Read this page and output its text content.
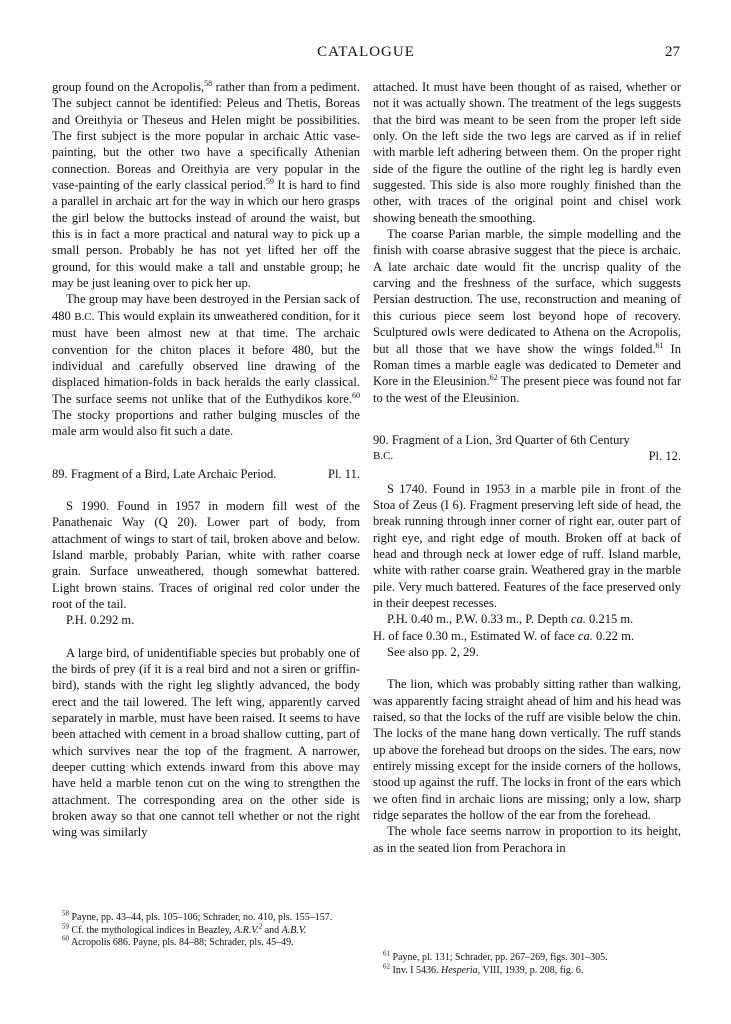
CATALOGUE	27

group found on the Acropolis,$^{58}$ rather than from a pediment. The subject cannot be identified: Peleus and Thetis, Boreas and Oreithyia or Theseus and Helen might be possibilities. The first subject is the more popular in archaic Attic vase-painting, but the other two have a specifically Athenian connection. Boreas and Oreithyia are very popular in the vase-painting of the early classical period.$^{59}$ It is hard to find a parallel in archaic art for the way in which our hero grasps the girl below the buttocks instead of around the waist, but this is in fact a more practical and natural way to pick up a small person. Probably he has not yet lifted her off the ground, for this would make a tall and unstable group; he may be just leaning over to pick her up.

The group may have been destroyed in the Persian sack of 480 B.C. This would explain its unweathered condition, for it must have been almost new at that time. The archaic convention for the chiton places it before 480, but the individual and carefully observed line drawing of the displaced himation-folds in back heralds the early classical. The surface seems not unlike that of the Euthydikos kore.$^{60}$ The stocky proportions and rather bulging muscles of the male arm would also fit such a date.

89. Fragment of a Bird, Late Archaic Period.	Pl. 11.

S 1990. Found in 1957 in modern fill west of the Panathenaic Way (Q 20). Lower part of body, from attachment of wings to start of tail, broken above and below. Island marble, probably Parian, white with rather coarse grain. Surface unweathered, though somewhat battered. Light brown stains. Traces of original red color under the root of the tail.

P.H. 0.292 m.

A large bird, of unidentifiable species but probably one of the birds of prey (if it is a real bird and not a siren or griffin-bird), stands with the right leg slightly advanced, the body erect and the tail lowered. The left wing, apparently carved separately in marble, must have been raised. It seems to have been attached with cement in a broad shallow cutting, part of which survives near the top of the fragment. A narrower, deeper cutting which extends inward from this above may have held a marble tenon cut on the wing to strengthen the attachment. The corresponding area on the other side is broken away so that one cannot tell whether or not the right wing was similarly

$^{58}$ Payne, pp. 43–44, pls. 105–106; Schrader, no. 410, pls. 155–157.

$^{59}$ Cf. the mythological indices in Beazley, A.R.V.$^2$ and A.B.V.

$^{60}$ Acropolis 686. Payne, pls. 84–88; Schrader, pls. 45–49.

attached. It must have been thought of as raised, whether or not it was actually shown. The treatment of the legs suggests that the bird was meant to be seen from the proper left side only. On the left side the two legs are carved as if in relief with marble left adhering between them. On the proper right side of the figure the outline of the right leg is hardly even suggested. This side is also more roughly finished than the other, with traces of the original point and chisel work showing beneath the smoothing.

The coarse Parian marble, the simple modelling and the finish with coarse abrasive suggest that the piece is archaic. A late archaic date would fit the uncrisp quality of the carving and the freshness of the surface, which suggests Persian destruction. The use, reconstruction and meaning of this curious piece seem lost beyond hope of recovery. Sculptured owls were dedicated to Athena on the Acropolis, but all those that we have show the wings folded.$^{61}$ In Roman times a marble eagle was dedicated to Demeter and Kore in the Eleusinion.$^{62}$ The present piece was found not far to the west of the Eleusinion.

90. Fragment of a Lion, 3rd Quarter of 6th Century
B.C.	Pl. 12.

S 1740. Found in 1953 in a marble pile in front of the Stoa of Zeus (I 6). Fragment preserving left side of head, the break running through inner corner of right ear, outer part of right eye, and right edge of mouth. Broken off at back of head and through neck at lower edge of ruff. Island marble, white with rather coarse grain. Weathered gray in the marble pile. Very much battered. Features of the face preserved only in their deepest recesses.

P.H. 0.40 m., P.W. 0.33 m., P. Depth ca. 0.215 m.

H. of face 0.30 m., Estimated W. of face ca. 0.22 m.

See also pp. 2, 29.

The lion, which was probably sitting rather than walking, was apparently facing straight ahead of him and his head was raised, so that the locks of the ruff are visible below the chin. The locks of the mane hang down vertically. The ruff stands up above the forehead but droops on the sides. The ears, now entirely missing except for the inside corners of the hollows, stood up against the ruff. The locks in front of the ears which we often find in archaic lions are missing; only a low, sharp ridge separates the hollow of the ear from the forehead.

The whole face seems narrow in proportion to its height, as in the seated lion from Perachora in

$^{61}$ Payne, pl. 131; Schrader, pp. 267–269, figs. 301–305.

$^{62}$ Inv. I 5436. Hesperia, VIII, 1939, p. 208, fig. 6.
